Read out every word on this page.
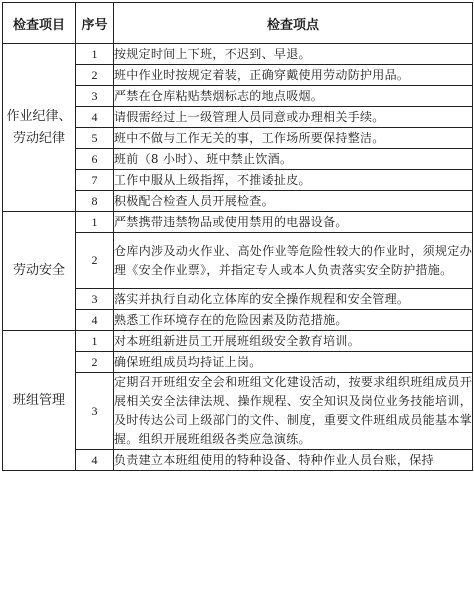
检查项目	序号	检查项点
作业纪律、劳动纪律	1	按规定时间上下班，不迟到、早退。
	2	班中作业时按规定着装，正确穿戴使用劳动防护用品。
	3	严禁在仓库粘贴禁烟标志的地点吸烟。
	4	请假需经过上一级管理人员同意或办理相关手续。
	5	班中不做与工作无关的事，工作场所要保持整洁。
	6	班前（8 小时）、班中禁止饮酒。
	7	工作中服从上级指挥，不推诿扯皮。
	8	积极配合检查人员开展检查。
劳动安全	1	严禁携带违禁物品或使用禁用的电器设备。
	2	仓库内涉及动火作业、高处作业等危险性较大的作业时，须规定办理《安全作业票》，并指定专人或本人负责落实安全防护措施。
	3	落实并执行自动化立体库的安全操作规程和安全管理。
	4	熟悉工作环境存在的危险因素及防范措施。
班组管理	1	对本班组新进员工开展班组级安全教育培训。
	2	确保班组成员均持证上岗。
	3	定期召开班组安全会和班组文化建设活动，按要求组织班组成员开展相关安全法律法规、操作规程、安全知识及岗位业务技能培训，及时传达公司上级部门的文件、制度，重要文件班组成员能基本掌握。组织开展班组级各类应急演练。
	4	负责建立本班组使用的特种设备、特种作业人员台账，保持
